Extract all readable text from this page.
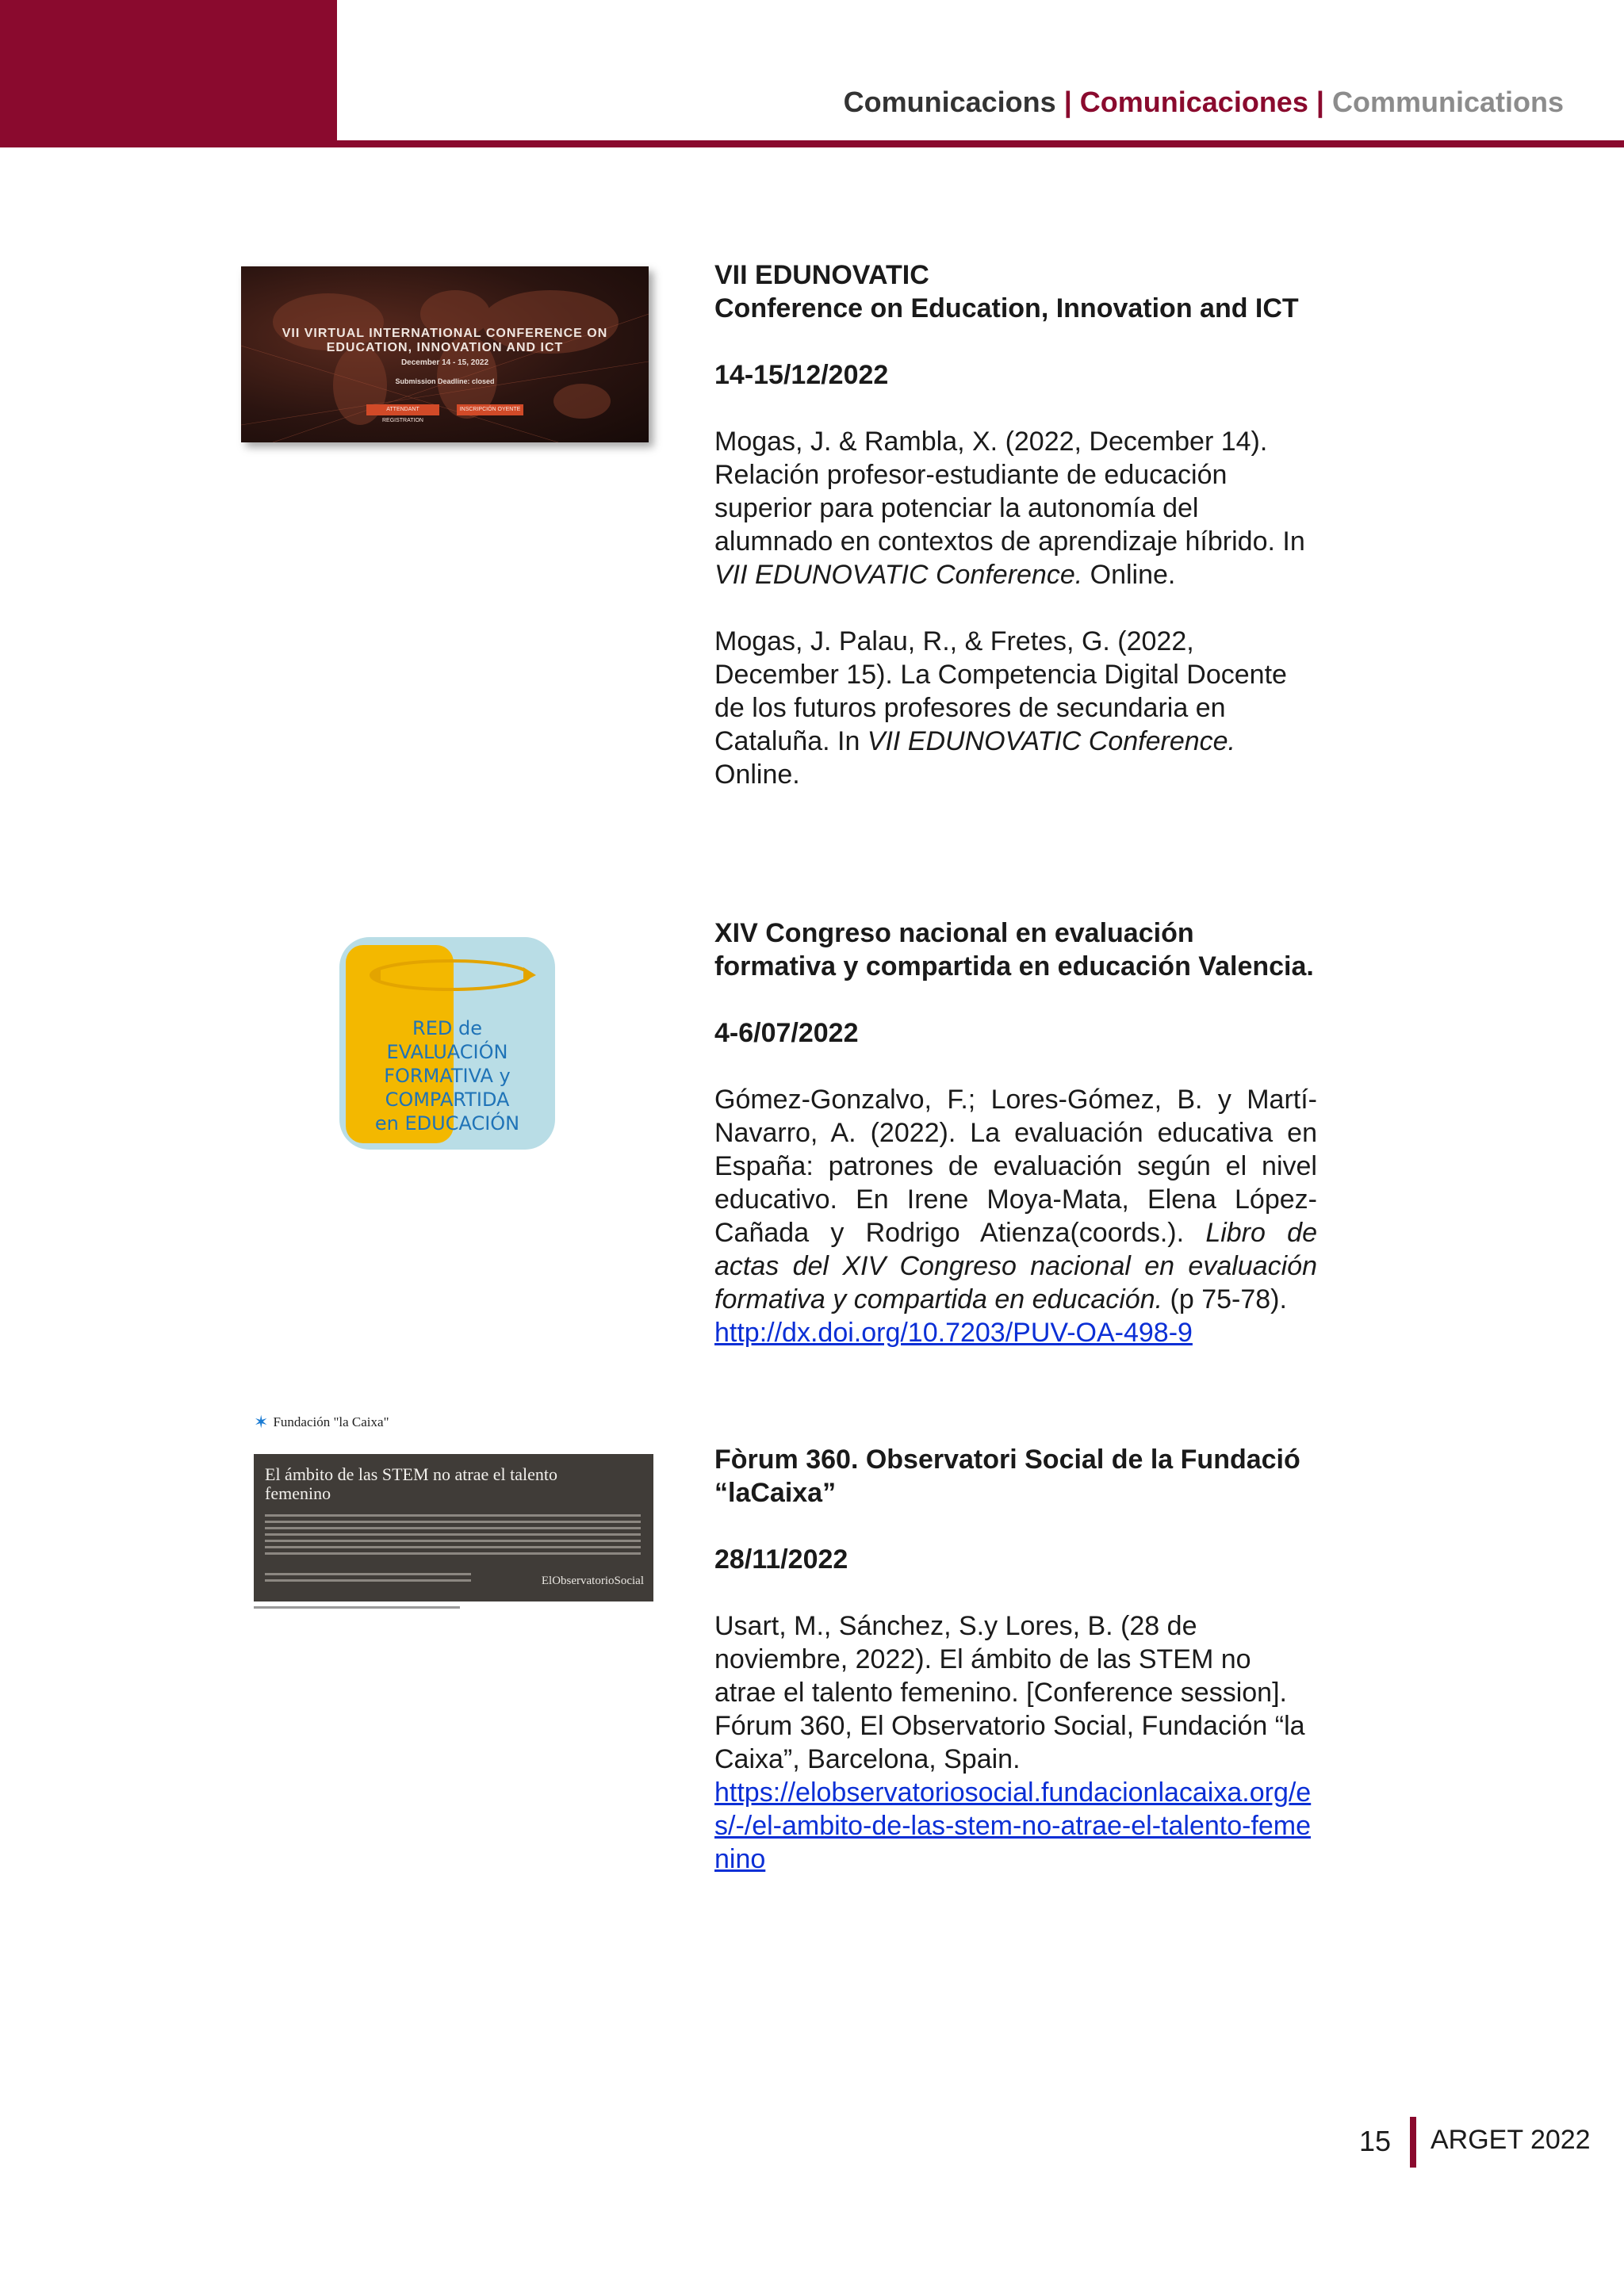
Comunicacions | Comunicaciones | Communications
VII VIRTUAL INTERNATIONAL CONFERENCE ON EDUCATION, INNOVATION AND ICT
December 14 - 15, 2022
Submission Deadline: closed
ATTENDANT REGISTRATION
INSCRIPCIÓN OYENTE

VII EDUNOVATIC
Conference on Education, Innovation and ICT

14-15/12/2022

Mogas, J. & Rambla, X. (2022, December 14). Relación profesor-estudiante de educación superior para potenciar la autonomía del alumnado en contextos de aprendizaje híbrido. In VII EDUNOVATIC Conference. Online.

Mogas, J. Palau, R., & Fretes, G. (2022, December 15). La Competencia Digital Docente de los futuros profesores de secundaria en Cataluña. In VII EDUNOVATIC Conference. Online.

RED de
EVALUACIÓN
FORMATIVA y
COMPARTIDA
en EDUCACIÓN

XIV Congreso nacional en evaluación formativa y compartida en educación Valencia.

4-6/07/2022

Gómez-Gonzalvo, F.; Lores-Gómez, B. y Martí-Navarro, A. (2022). La evaluación educativa en España: patrones de evaluación según el nivel educativo. En Irene Moya-Mata, Elena López-Cañada y Rodrigo Atienza(coords.). Libro de actas del XIV Congreso nacional en evaluación formativa y compartida en educación. (p 75-78).
http://dx.doi.org/10.7203/PUV-OA-498-9

✶ Fundación "la Caixa"
El ámbito de las STEM no atrae el talento femenino
ElObservatorioSocial

Fòrum 360. Observatori Social de la Fundació “laCaixa”

28/11/2022

Usart, M., Sánchez, S.y Lores, B. (28 de noviembre, 2022). El ámbito de las STEM no atrae el talento femenino. [Conference session]. Fórum 360, El Observatorio Social, Fundación “la Caixa”, Barcelona, Spain.
https://elobservatoriosocial.fundacionlacaixa.org/es/-/el-ambito-de-las-stem-no-atrae-el-talento-femenino

15 ARGET 2022
